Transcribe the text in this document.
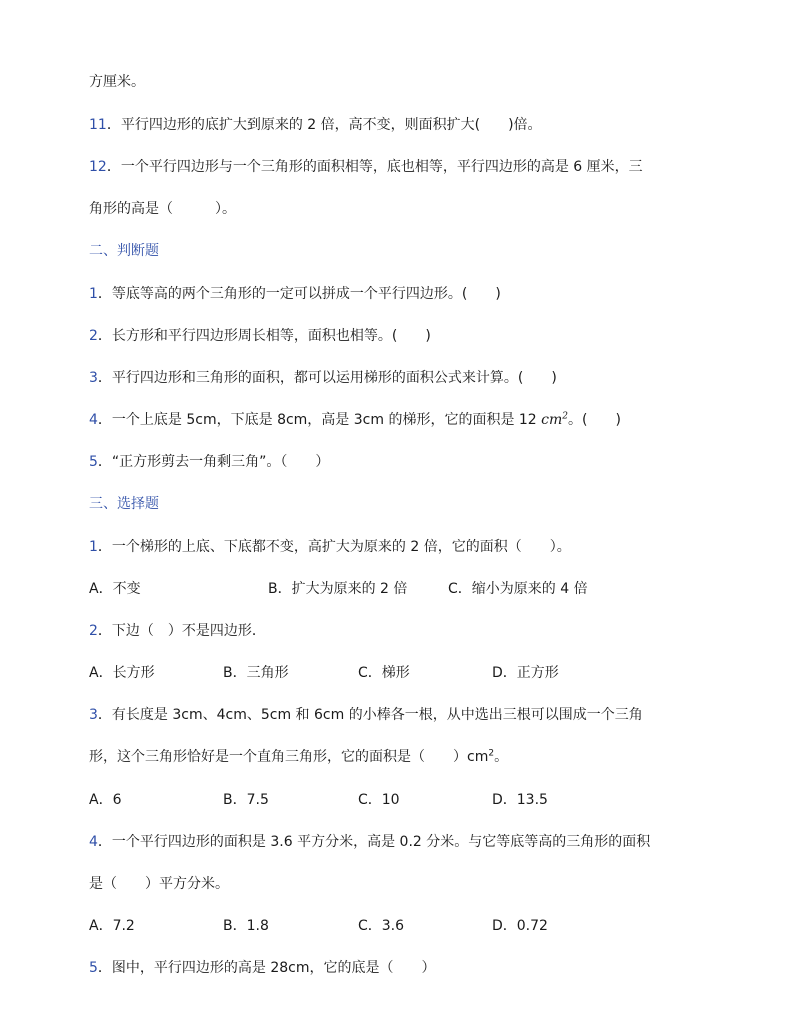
方厘米。
11．平行四边形的底扩大到原来的 2 倍，高不变，则面积扩大(　　)倍。
12．一个平行四边形与一个三角形的面积相等，底也相等，平行四边形的高是 6 厘米，三
角形的高是（　　　）。
二、判断题
1．等底等高的两个三角形的一定可以拼成一个平行四边形。(　　)
2．长方形和平行四边形周长相等，面积也相等。(　　)
3．平行四边形和三角形的面积，都可以运用梯形的面积公式来计算。(　　)
4．一个上底是 5cm，下底是 8cm，高是 3cm 的梯形，它的面积是 12 $cm^2$。(　　)
5．“正方形剪去一角剩三角”。（　　）
三、选择题
1．一个梯形的上底、下底都不变，高扩大为原来的 2 倍，它的面积（　　）。
A．不变	B．扩大为原来的 2 倍	C．缩小为原来的 4 倍
2．下边（　）不是四边形．
A．长方形	B．三角形	C．梯形	D．正方形
3．有长度是 3cm、4cm、5cm 和 6cm 的小棒各一根，从中选出三根可以围成一个三角
形，这个三角形恰好是一个直角三角形，它的面积是（　　）$cm^2$。
A．6	B．7.5	C．10	D．13.5
4．一个平行四边形的面积是 3.6 平方分米，高是 0.2 分米。与它等底等高的三角形的面积
是（　　）平方分米。
A．7.2	B．1.8	C．3.6	D．0.72
5．图中，平行四边形的高是 28cm，它的底是（　　）
